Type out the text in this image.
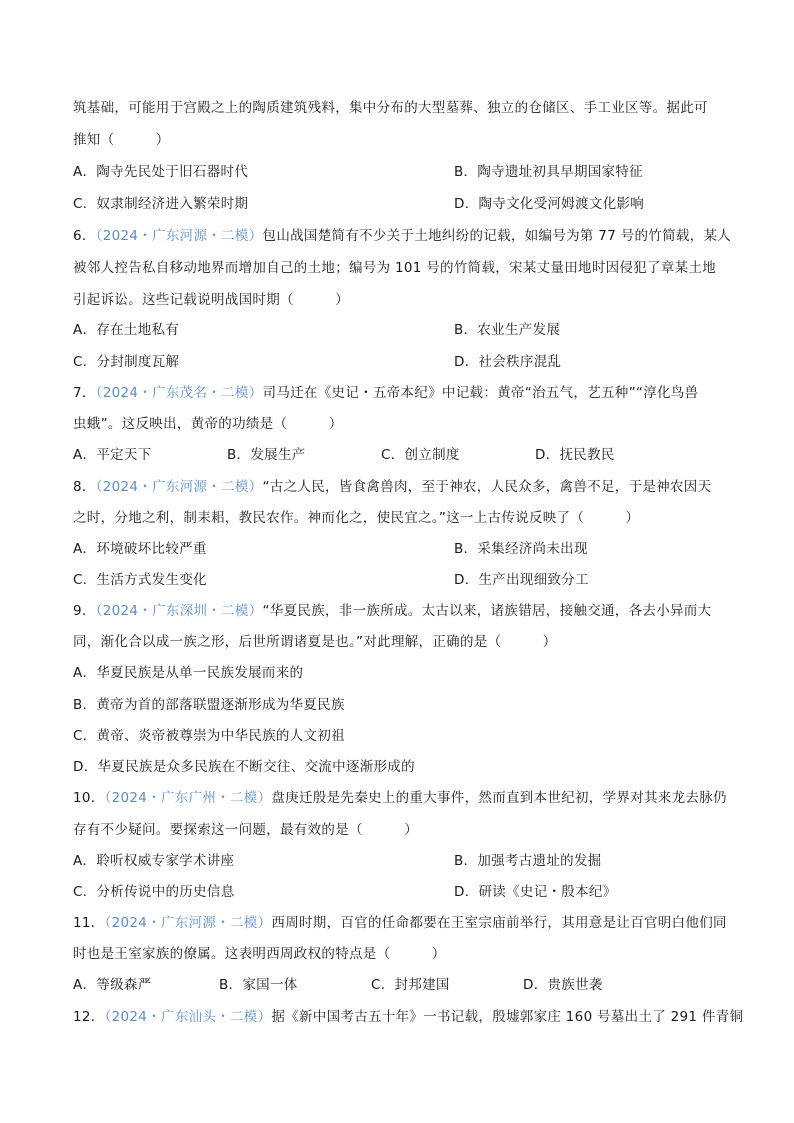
筑基础，可能用于宫殿之上的陶质建筑残料，集中分布的大型墓葬、独立的仓储区、手工业区等。据此可
推知（　　　）
A．陶寺先民处于旧石器时代	B．陶寺遗址初具早期国家特征
C．奴隶制经济进入繁荣时期	D．陶寺文化受河姆渡文化影响
6．（2024・广东河源・二模）包山战国楚简有不少关于土地纠纷的记载，如编号为第 77 号的竹简载，某人
被邻人控告私自移动地界而增加自己的土地；编号为 101 号的竹简载，宋某丈量田地时因侵犯了章某土地
引起诉讼。这些记载说明战国时期（　　　）
A．存在土地私有	B．农业生产发展
C．分封制度瓦解	D．社会秩序混乱
7．（2024・广东茂名・二模）司马迁在《史记・五帝本纪》中记载：黄帝“治五气，艺五种”“淳化鸟兽
虫蛾”。这反映出，黄帝的功绩是（　　　）
A．平定天下	B．发展生产	C．创立制度	D．抚民教民
8．（2024・广东河源・二模）“古之人民，皆食禽兽肉，至于神农，人民众多，禽兽不足，于是神农因天
之时，分地之利，制耒耜，教民农作。神而化之，使民宜之。”这一上古传说反映了（　　　）
A．环境破坏比较严重	B．采集经济尚未出现
C．生活方式发生变化	D．生产出现细致分工
9．（2024・广东深圳・二模）“华夏民族，非一族所成。太古以来，诸族错居，接触交通，各去小异而大
同，渐化合以成一族之形，后世所谓诸夏是也。”对此理解，正确的是（　　　）
A．华夏民族是从单一民族发展而来的
B．黄帝为首的部落联盟逐渐形成为华夏民族
C．黄帝、炎帝被尊崇为中华民族的人文初祖
D．华夏民族是众多民族在不断交往、交流中逐渐形成的
10．（2024・广东广州・二模）盘庚迁殷是先秦史上的重大事件，然而直到本世纪初，学界对其来龙去脉仍
存有不少疑问。要探索这一问题，最有效的是（　　　）
A．聆听权威专家学术讲座	B．加强考古遗址的发掘
C．分析传说中的历史信息	D．研读《史记・殷本纪》
11．（2024・广东河源・二模）西周时期，百官的任命都要在王室宗庙前举行，其用意是让百官明白他们同
时也是王室家族的僚属。这表明西周政权的特点是（　　　）
A．等级森严	B．家国一体	C．封邦建国	D．贵族世袭
12．（2024・广东汕头・二模）据《新中国考古五十年》一书记载，殷墟郭家庄 160 号墓出土了 291 件青铜
